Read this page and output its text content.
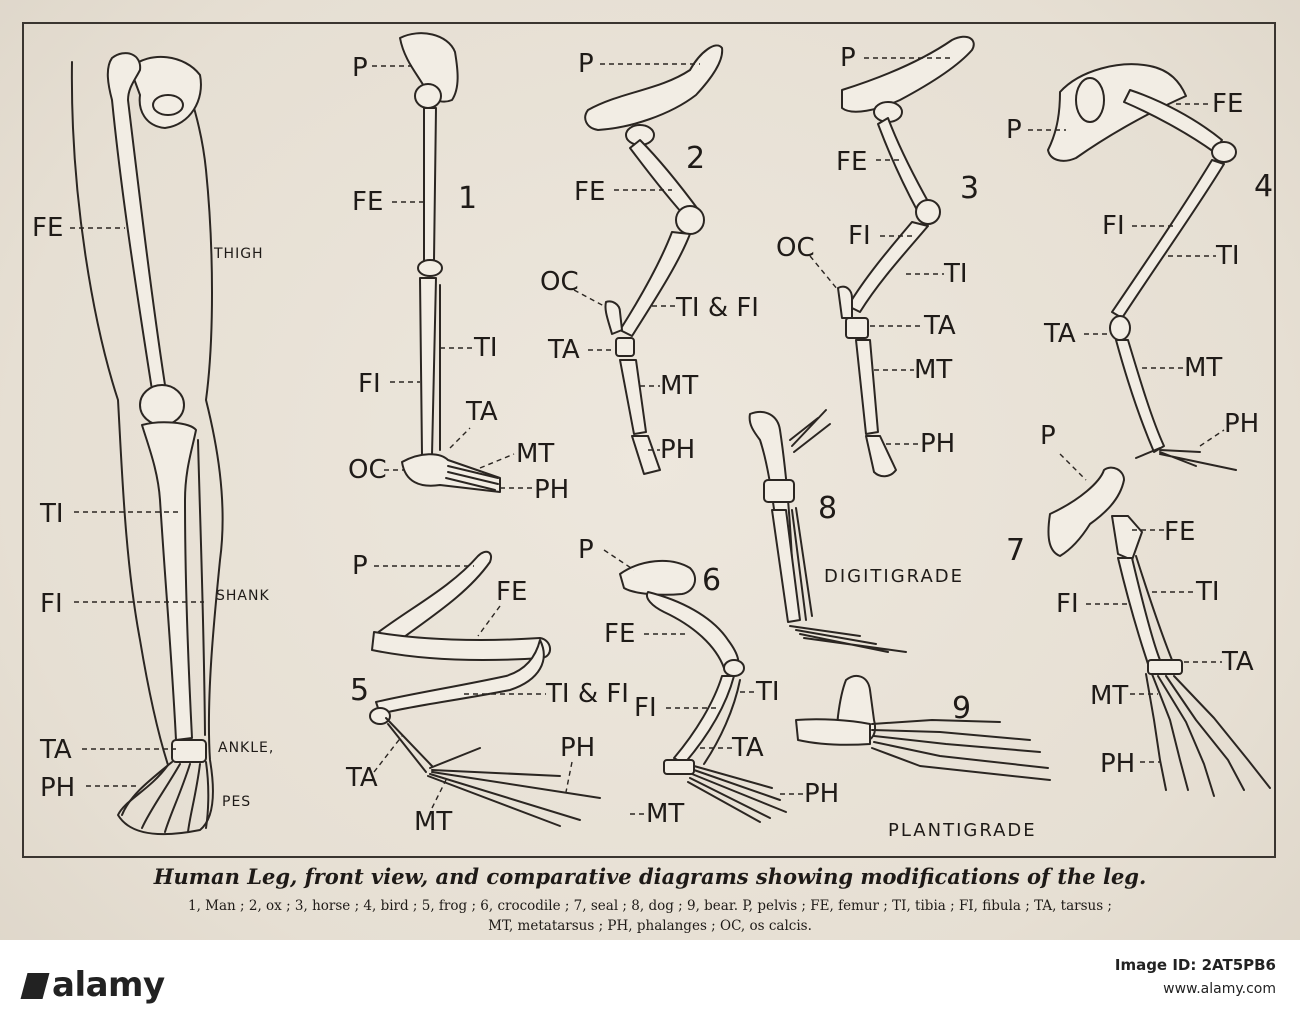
FE
TI
FI
TA
PH
THIGH
SHANK
ANKLE,
PES
1
P
FE
TI
FI
TA
MT
OC
PH
2
P
FE
OC
TI & FI
TA
MT
PH
3
P
FE
FI
OC
TI
TA
MT
PH
4
P
FE
FI
TI
TA
MT
PH
5
P
FE
TI & FI
TA
PH
MT
6
P
FE
FI
TI
TA
MT
PH
8
DIGITIGRADE
9
PLANTIGRADE
7
P
FE
FI	TI
TA
MT
PH
Human Leg, front view, and comparative diagrams showing modifications of the leg.
1, Man ; 2, ox ; 3, horse ; 4, bird ; 5, frog ; 6, crocodile ; 7, seal ; 8, dog ; 9, bear. P, pelvis ; FE, femur ; TI, tibia ; FI, fibula ; TA, tarsus ;
MT, metatarsus ; PH, phalanges ; OC, os calcis.
alamy	Image ID: 2AT5PB6
www.alamy.com
